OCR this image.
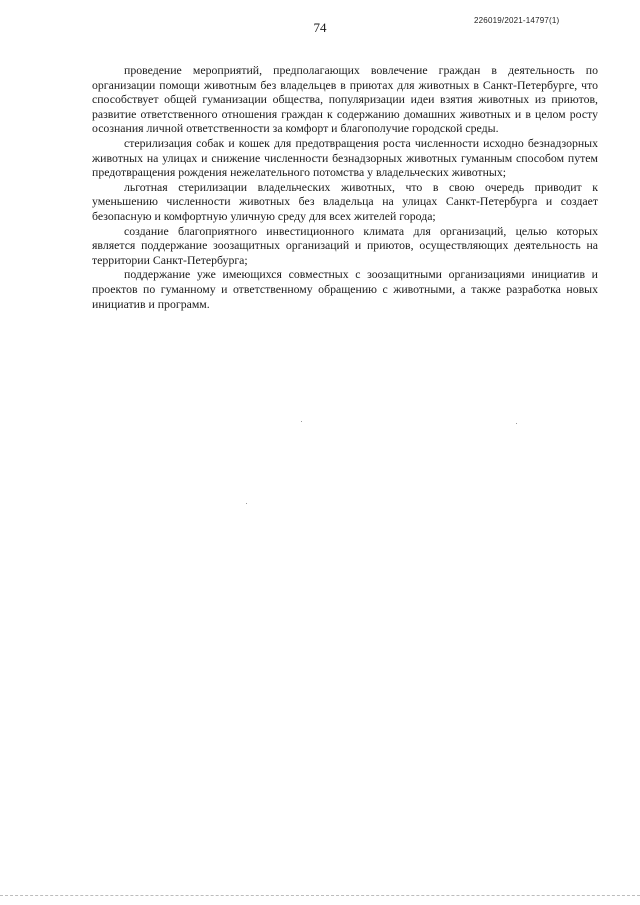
74	226019/2021-14797(1)

проведение мероприятий, предполагающих вовлечение граждан в деятельность по организации помощи животным без владельцев в приютах для животных в Санкт-Петербурге, что способствует общей гуманизации общества, популяризации идеи взятия животных из приютов, развитие ответственного отношения граждан к содержанию домашних животных и в целом росту осознания личной ответственности за комфорт и благополучие городской среды.

стерилизация собак и кошек для предотвращения роста численности исходно безнадзорных животных на улицах и снижение численности безнадзорных животных гуманным способом путем предотвращения рождения нежелательного потомства у владельческих животных;

льготная стерилизации владельческих животных, что в свою очередь приводит к уменьшению численности животных без владельца на улицах Санкт-Петербурга и создает безопасную и комфортную уличную среду для всех жителей города;

создание благоприятного инвестиционного климата для организаций, целью которых является поддержание зоозащитных организаций и приютов, осуществляющих деятельность на территории Санкт-Петербурга;

поддержание уже имеющихся совместных с зоозащитными организациями инициатив и проектов по гуманному и ответственному обращению с животными, а также разработка новых инициатив и программ.
